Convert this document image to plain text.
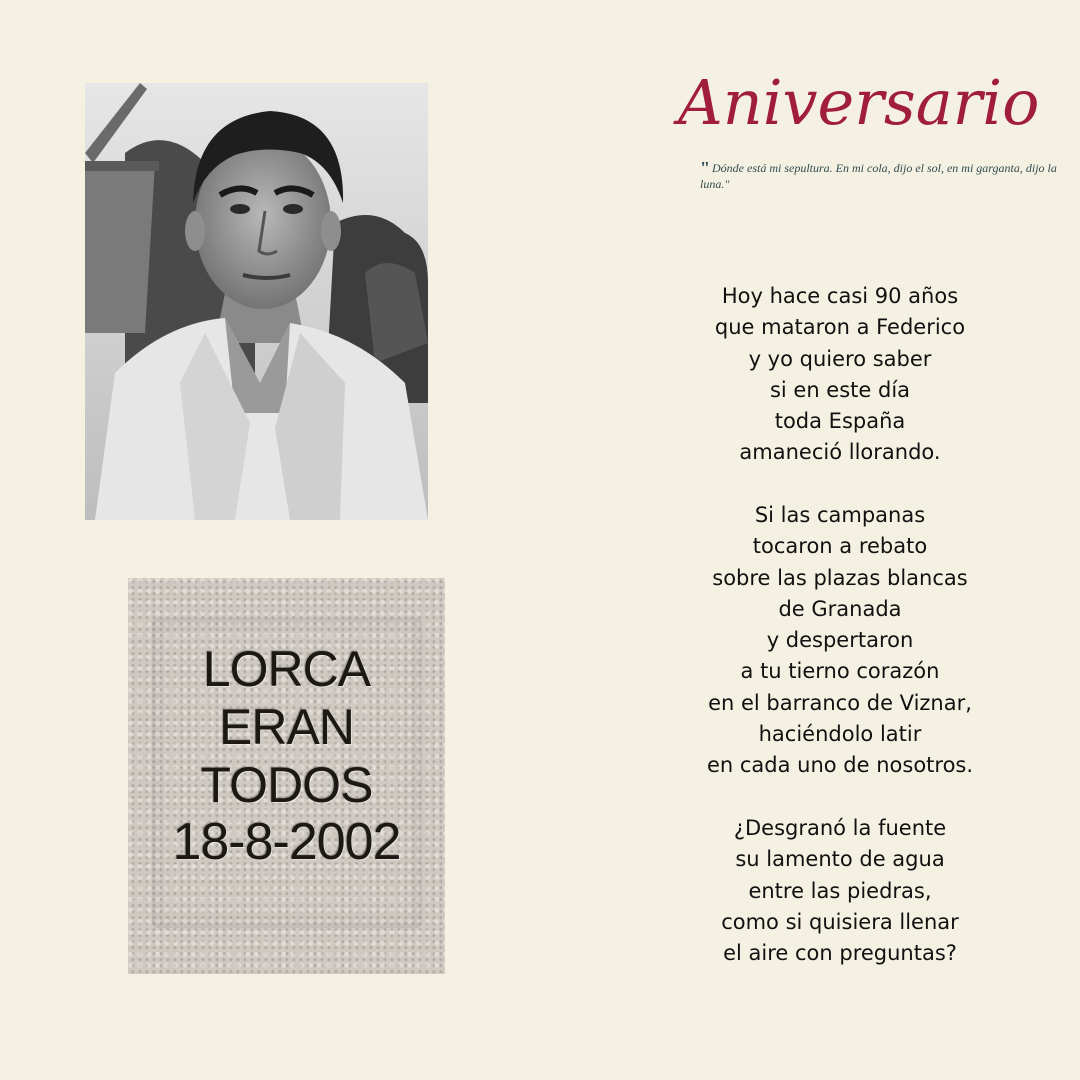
LORCA
ERAN
TODOS
18-8-2002
Aniversario
" Dónde está mi sepultura. En mi cola, dijo el sol, en mi garganta, dijo la luna."
Hoy hace casi 90 años
que mataron a Federico
y yo quiero saber
si en este día
toda España
amaneció llorando.
Si las campanas
tocaron a rebato
sobre las plazas blancas
de Granada
y despertaron
a tu tierno corazón
en el barranco de Viznar,
haciéndolo latir
en cada uno de nosotros.
¿Desgranó la fuente
su lamento de agua
entre las piedras,
como si quisiera llenar
el aire con preguntas?
